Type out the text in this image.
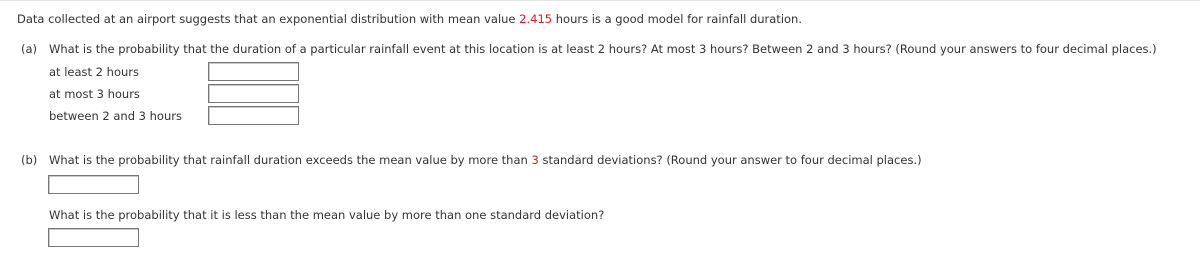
Data collected at an airport suggests that an exponential distribution with mean value 2.415 hours is a good model for rainfall duration.
(a) What is the probability that the duration of a particular rainfall event at this location is at least 2 hours? At most 3 hours? Between 2 and 3 hours? (Round your answers to four decimal places.)
at least 2 hours
at most 3 hours
between 2 and 3 hours
(b) What is the probability that rainfall duration exceeds the mean value by more than 3 standard deviations? (Round your answer to four decimal places.)
What is the probability that it is less than the mean value by more than one standard deviation?
